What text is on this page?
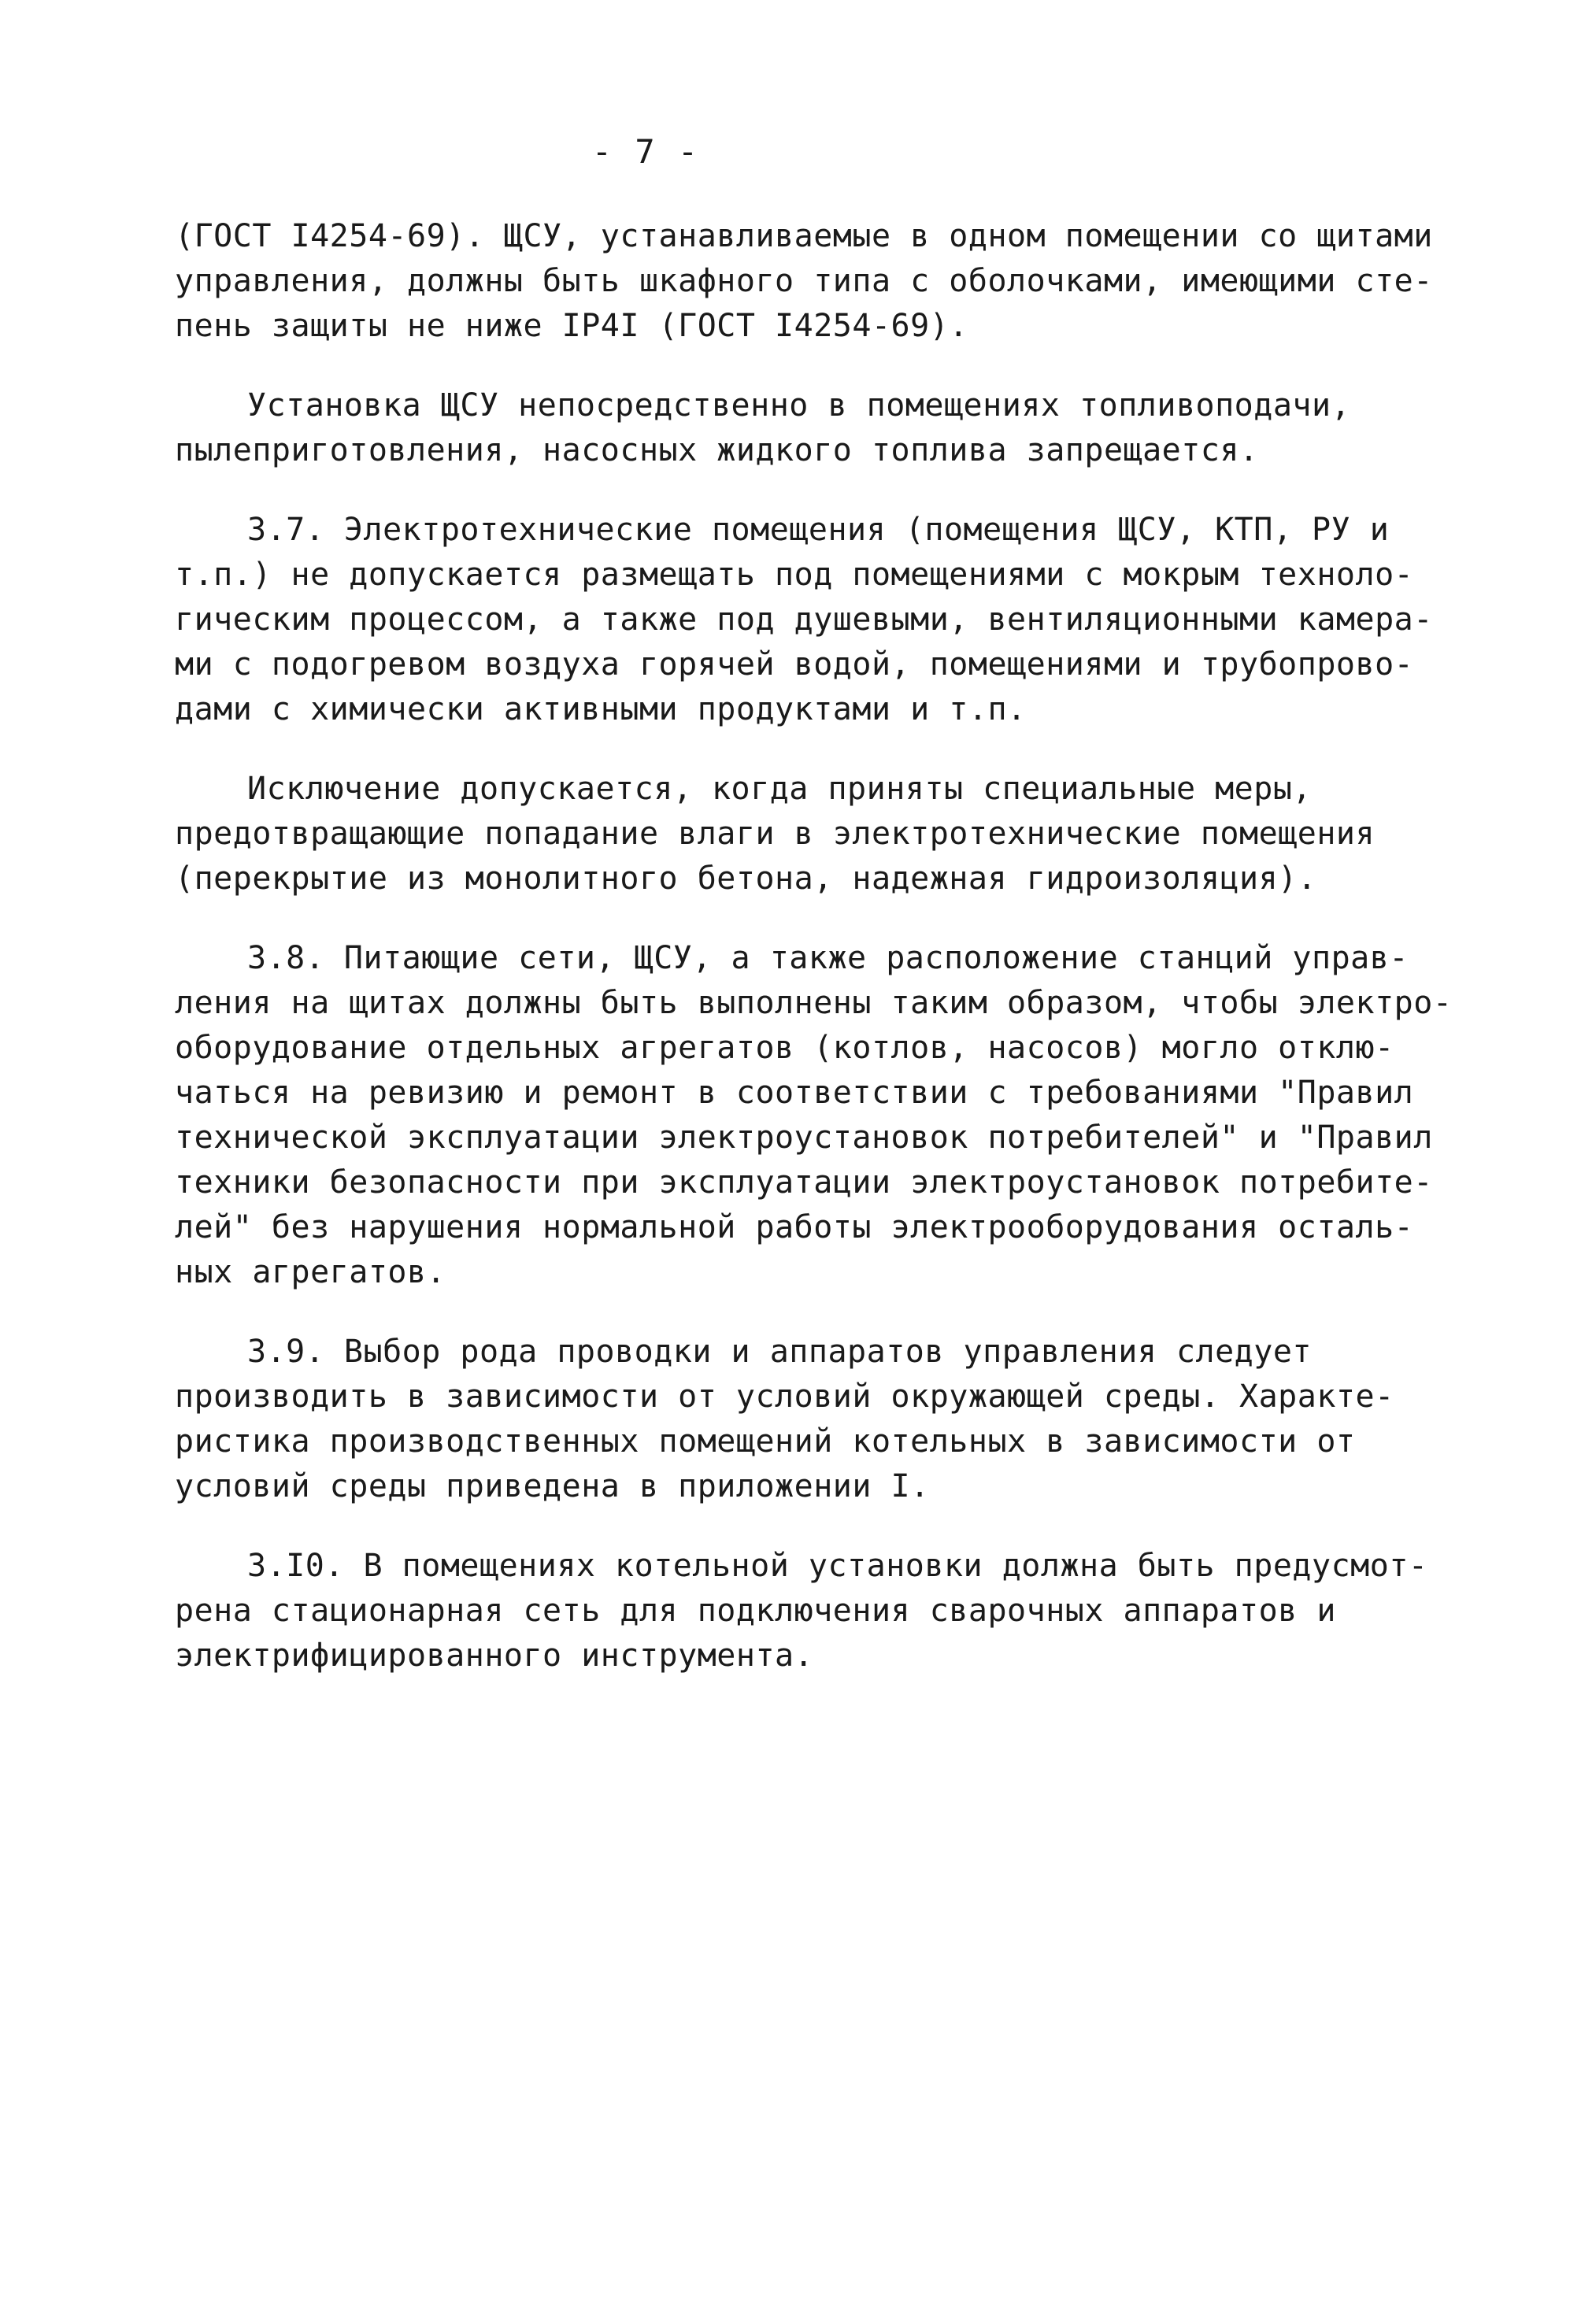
- 7 -
(ГОСТ I4254-69). ЩСУ, устанавливаемые в одном помещении со щитами
управления, должны быть шкафного типа с оболочками, имеющими сте-
пень защиты не ниже IP4I (ГОСТ I4254-69).
Установка ЩСУ непосредственно в помещениях топливоподачи,
пылеприготовления, насосных жидкого топлива запрещается.
3.7. Электротехнические помещения (помещения ЩСУ, КТП, РУ и
т.п.) не допускается размещать под помещениями с мокрым техноло-
гическим процессом, а также под душевыми, вентиляционными камера-
ми с подогревом воздуха горячей водой, помещениями и трубопрово-
дами с химически активными продуктами и т.п.
Исключение допускается, когда приняты специальные меры,
предотвращающие попадание влаги в электротехнические помещения
(перекрытие из монолитного бетона, надежная гидроизоляция).
3.8. Питающие сети, ЩСУ, а также расположение станций управ-
ления на щитах должны быть выполнены таким образом, чтобы электро-
оборудование отдельных агрегатов (котлов, насосов) могло отклю-
чаться на ревизию и ремонт в соответствии с требованиями "Правил
технической эксплуатации электроустановок потребителей" и "Правил
техники безопасности при эксплуатации электроустановок потребите-
лей" без нарушения нормальной работы электрооборудования осталь-
ных агрегатов.
3.9. Выбор рода проводки и аппаратов управления следует
производить в зависимости от условий окружающей среды. Характе-
ристика производственных помещений котельных в зависимости от
условий среды приведена в приложении I.
3.I0. В помещениях котельной установки должна быть предусмот-
рена стационарная сеть для подключения сварочных аппаратов и
электрифицированного инструмента.
